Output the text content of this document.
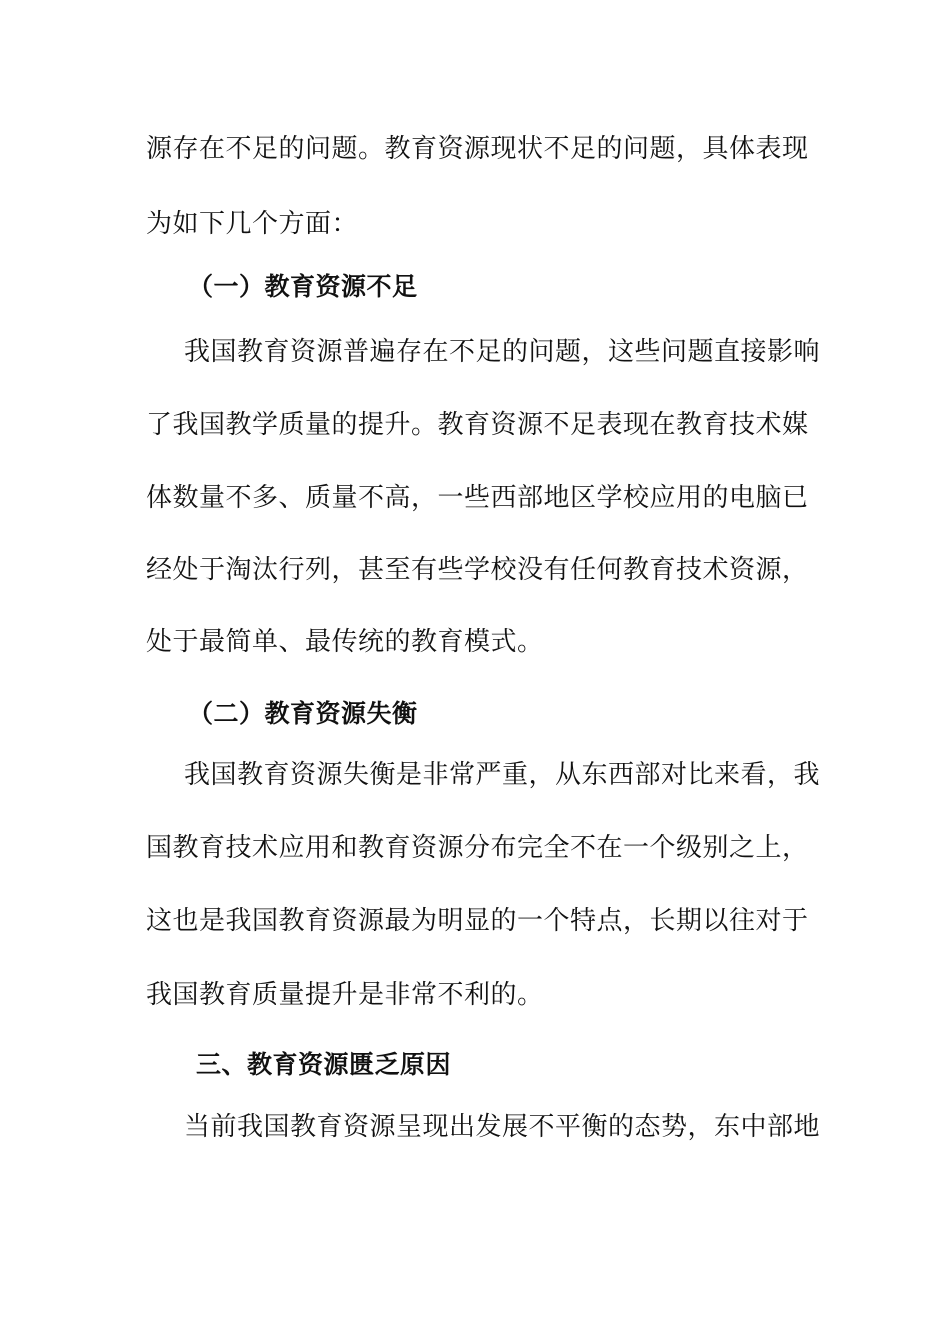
源存在不足的问题。教育资源现状不足的问题，具体表现
为如下几个方面：
（一）教育资源不足
我国教育资源普遍存在不足的问题，这些问题直接影响
了我国教学质量的提升。教育资源不足表现在教育技术媒
体数量不多、质量不高，一些西部地区学校应用的电脑已
经处于淘汰行列，甚至有些学校没有任何教育技术资源，
处于最简单、最传统的教育模式。
（二）教育资源失衡
我国教育资源失衡是非常严重，从东西部对比来看，我
国教育技术应用和教育资源分布完全不在一个级别之上，
这也是我国教育资源最为明显的一个特点，长期以往对于
我国教育质量提升是非常不利的。
三、教育资源匮乏原因
当前我国教育资源呈现出发展不平衡的态势，东中部地
